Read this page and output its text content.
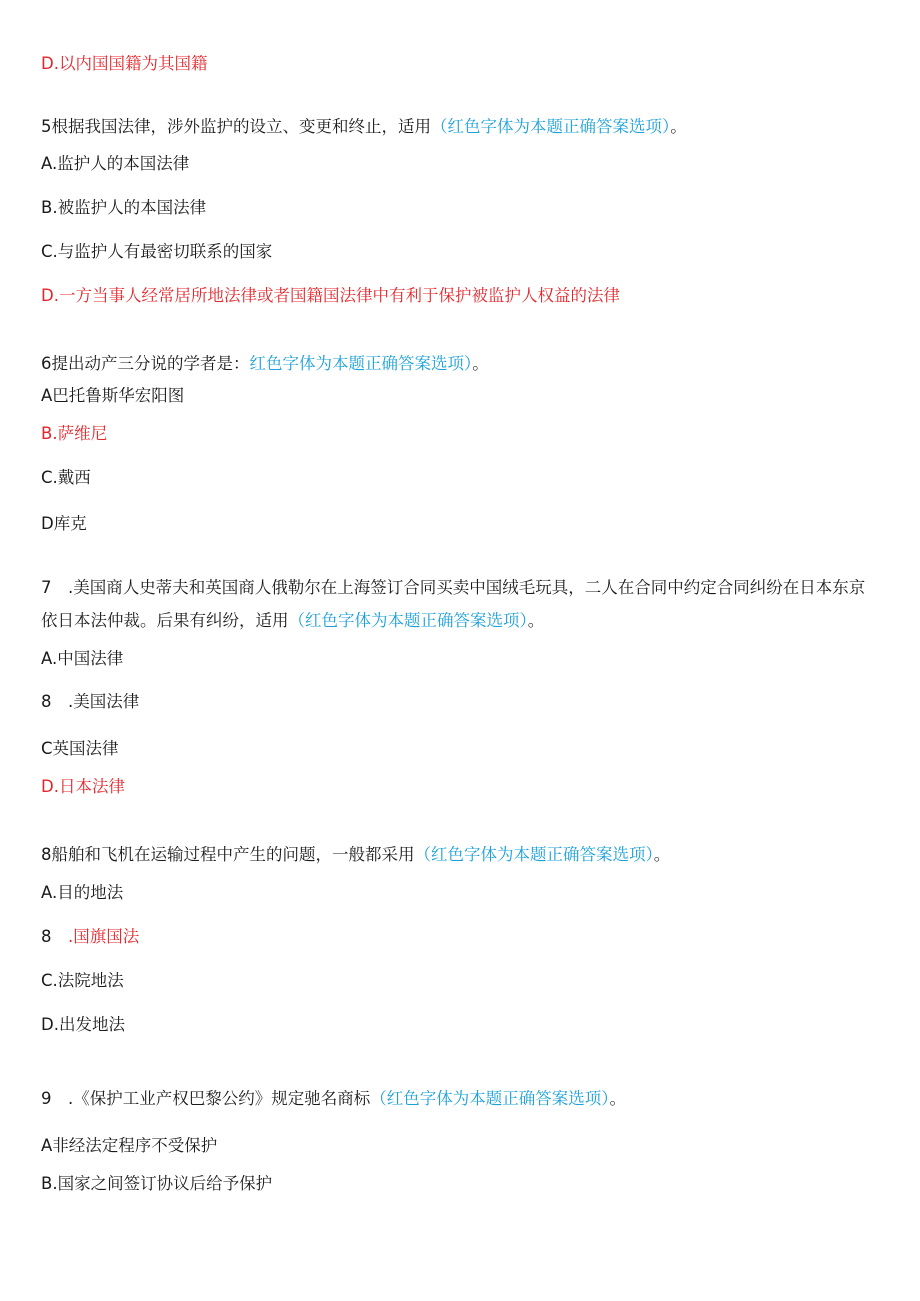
D.以内国国籍为其国籍
5根据我国法律，涉外监护的设立、变更和终止，适用（红色字体为本题正确答案选项）。
A.监护人的本国法律
B.被监护人的本国法律
C.与监护人有最密切联系的国家
D.一方当事人经常居所地法律或者国籍国法律中有利于保护被监护人权益的法律
6提出动产三分说的学者是：红色字体为本题正确答案选项）。
A巴托鲁斯华宏阳图
B.萨维尼
C.戴西
D库克
7　.美国商人史蒂夫和英国商人俄勒尔在上海签订合同买卖中国绒毛玩具，二人在合同中约定合同纠纷在日本东京依日本法仲裁。后果有纠纷，适用（红色字体为本题正确答案选项）。
A.中国法律
8　.美国法律
C英国法律
D.日本法律
8船舶和飞机在运输过程中产生的问题，一般都采用（红色字体为本题正确答案选项）。
A.目的地法
8　.国旗国法
C.法院地法
D.出发地法
9　.《保护工业产权巴黎公约》规定驰名商标（红色字体为本题正确答案选项）。
A非经法定程序不受保护
B.国家之间签订协议后给予保护
